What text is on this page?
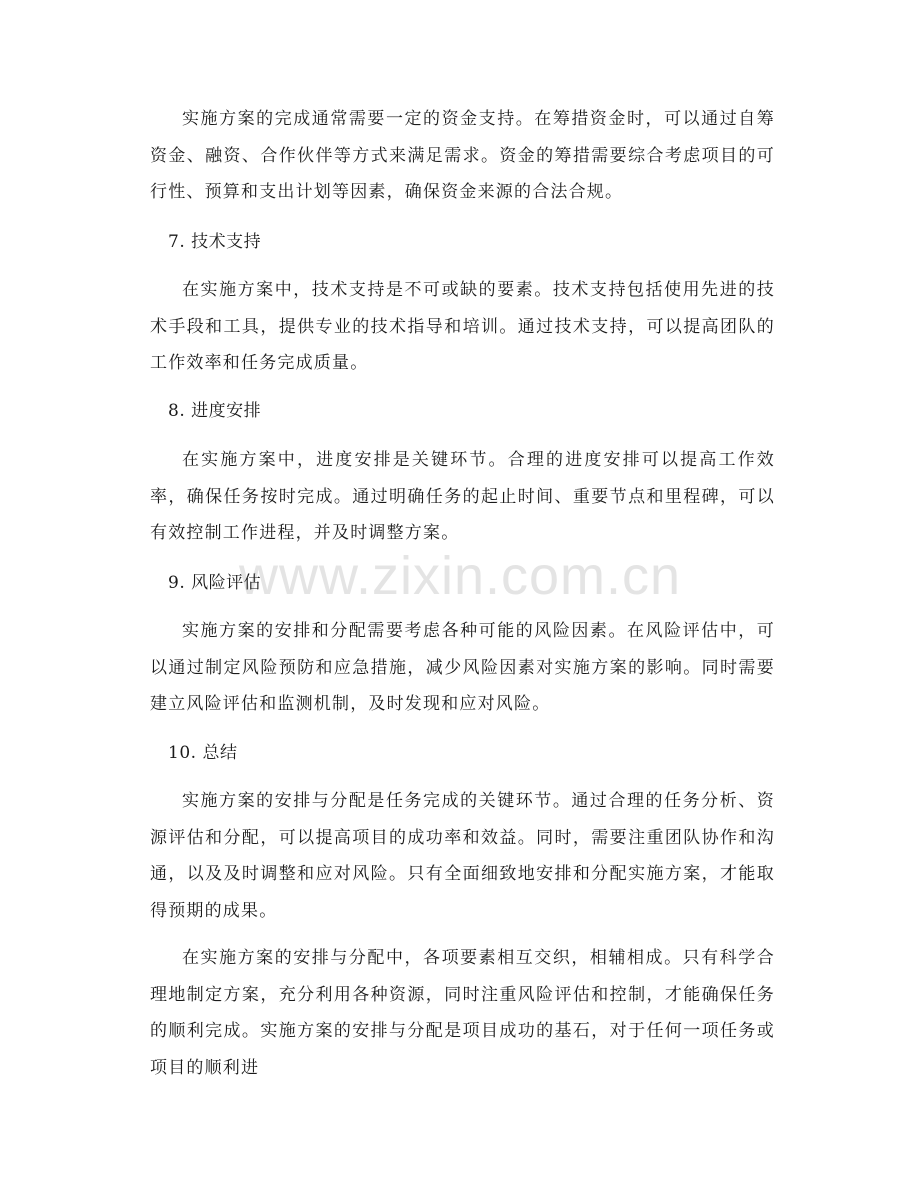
www.zixin.com.cn

实施方案的完成通常需要一定的资金支持。在筹措资金时，可以通过自筹资金、融资、合作伙伴等方式来满足需求。资金的筹措需要综合考虑项目的可行性、预算和支出计划等因素，确保资金来源的合法合规。

7. 技术支持

在实施方案中，技术支持是不可或缺的要素。技术支持包括使用先进的技术手段和工具，提供专业的技术指导和培训。通过技术支持，可以提高团队的工作效率和任务完成质量。

8. 进度安排

在实施方案中，进度安排是关键环节。合理的进度安排可以提高工作效率，确保任务按时完成。通过明确任务的起止时间、重要节点和里程碑，可以有效控制工作进程，并及时调整方案。

9. 风险评估

实施方案的安排和分配需要考虑各种可能的风险因素。在风险评估中，可以通过制定风险预防和应急措施，减少风险因素对实施方案的影响。同时需要建立风险评估和监测机制，及时发现和应对风险。

10. 总结

实施方案的安排与分配是任务完成的关键环节。通过合理的任务分析、资源评估和分配，可以提高项目的成功率和效益。同时，需要注重团队协作和沟通，以及及时调整和应对风险。只有全面细致地安排和分配实施方案，才能取得预期的成果。

在实施方案的安排与分配中，各项要素相互交织，相辅相成。只有科学合理地制定方案，充分利用各种资源，同时注重风险评估和控制，才能确保任务的顺利完成。实施方案的安排与分配是项目成功的基石，对于任何一项任务或项目的顺利进
